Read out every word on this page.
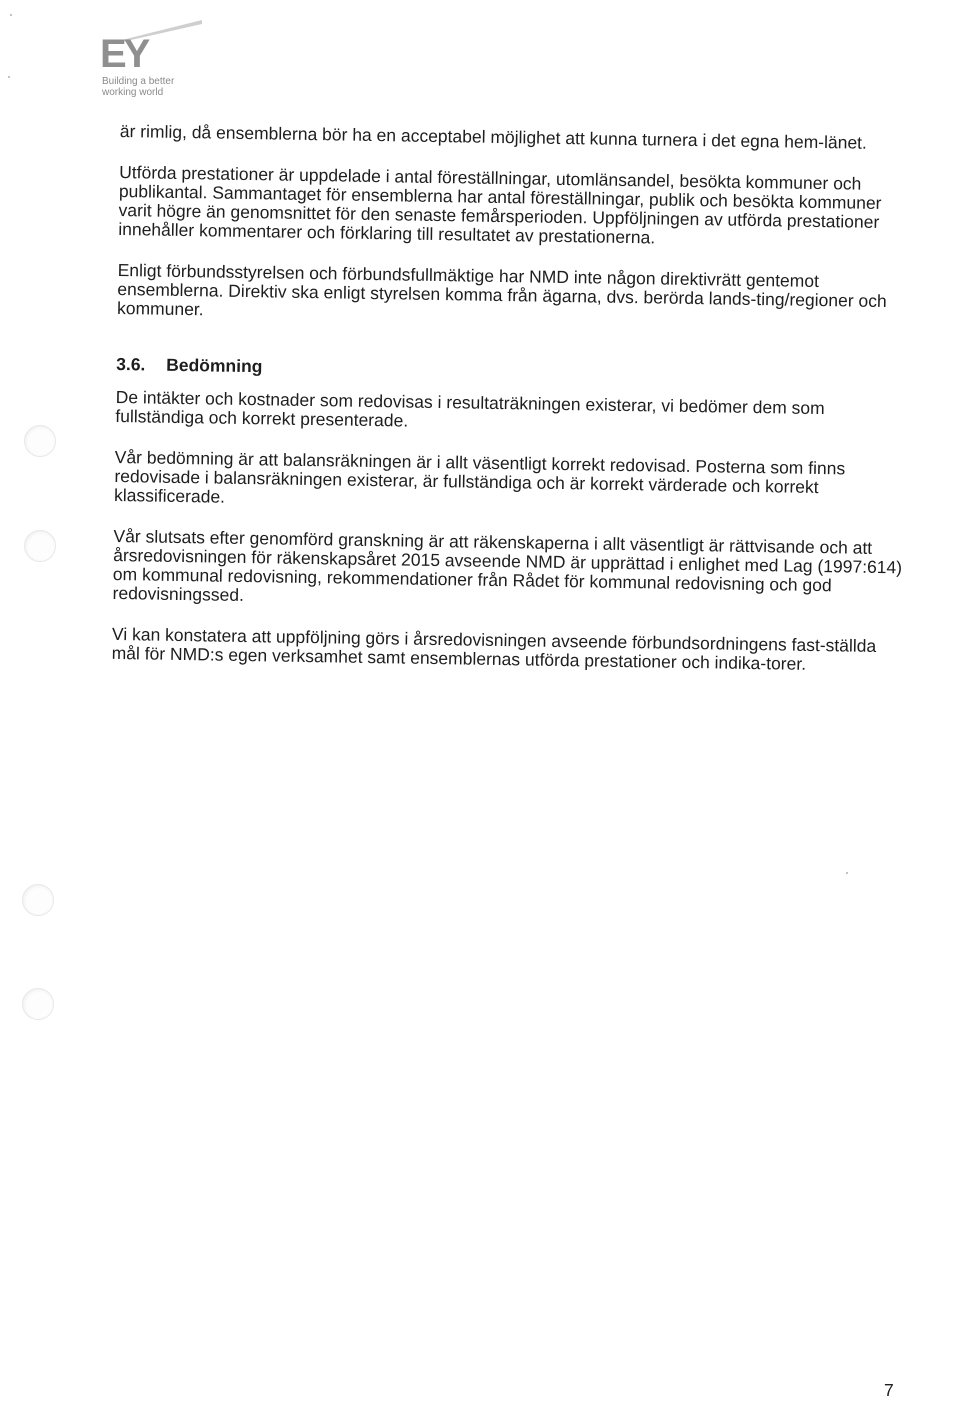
EY
Building a better
working world

är rimlig, då ensemblerna bör ha en acceptabel möjlighet att kunna turnera i det egna hem-länet.

Utförda prestationer är uppdelade i antal föreställningar, utomlänsandel, besökta kommuner och publikantal. Sammantaget för ensemblerna har antal föreställningar, publik och besökta kommuner varit högre än genomsnittet för den senaste femårsperioden. Uppföljningen av utförda prestationer innehåller kommentarer och förklaring till resultatet av prestationerna.

Enligt förbundsstyrelsen och förbundsfullmäktige har NMD inte någon direktivrätt gentemot ensemblerna. Direktiv ska enligt styrelsen komma från ägarna, dvs. berörda lands-ting/regioner och kommuner.

3.6. Bedömning

De intäkter och kostnader som redovisas i resultaträkningen existerar, vi bedömer dem som fullständiga och korrekt presenterade.

Vår bedömning är att balansräkningen är i allt väsentligt korrekt redovisad. Posterna som finns redovisade i balansräkningen existerar, är fullständiga och är korrekt värderade och korrekt klassificerade.

Vår slutsats efter genomförd granskning är att räkenskaperna i allt väsentligt är rättvisande och att årsredovisningen för räkenskapsåret 2015 avseende NMD är upprättad i enlighet med Lag (1997:614) om kommunal redovisning, rekommendationer från Rådet för kommunal redovisning och god redovisningssed.

Vi kan konstatera att uppföljning görs i årsredovisningen avseende förbundsordningens fast-ställda mål för NMD:s egen verksamhet samt ensemblernas utförda prestationer och indika-torer.

7
